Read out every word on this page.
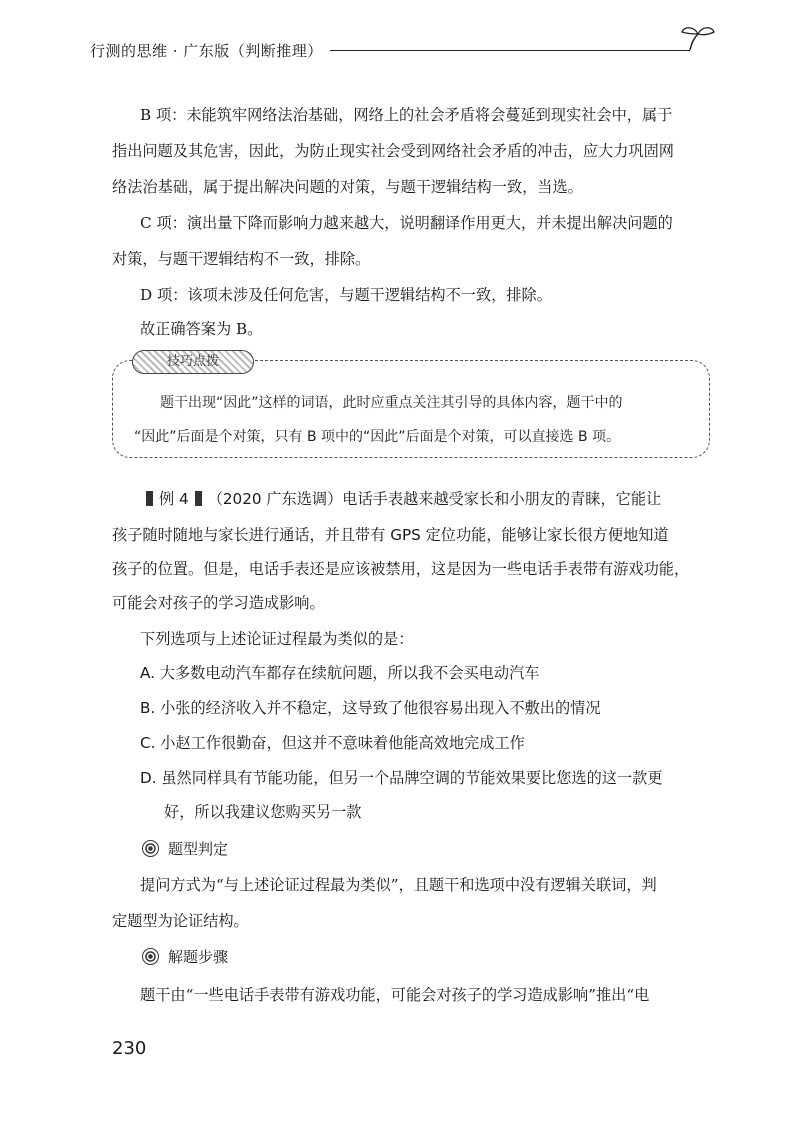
行测的思维 · 广东版（判断推理）
B 项：未能筑牢网络法治基础，网络上的社会矛盾将会蔓延到现实社会中，属于
指出问题及其危害，因此，为防止现实社会受到网络社会矛盾的冲击，应大力巩固网
络法治基础，属于提出解决问题的对策，与题干逻辑结构一致，当选。
C 项：演出量下降而影响力越来越大，说明翻译作用更大，并未提出解决问题的
对策，与题干逻辑结构不一致，排除。
D 项：该项未涉及任何危害，与题干逻辑结构不一致，排除。
故正确答案为 B。
技巧点拨
题干出现“因此”这样的词语，此时应重点关注其引导的具体内容，题干中的
“因此”后面是个对策，只有 B 项中的“因此”后面是个对策，可以直接选 B 项。
例 4 （2020 广东选调）电话手表越来越受家长和小朋友的青睐，它能让
孩子随时随地与家长进行通话，并且带有 GPS 定位功能，能够让家长很方便地知道
孩子的位置。但是，电话手表还是应该被禁用，这是因为一些电话手表带有游戏功能，
可能会对孩子的学习造成影响。
下列选项与上述论证过程最为类似的是：
A. 大多数电动汽车都存在续航问题，所以我不会买电动汽车
B. 小张的经济收入并不稳定，这导致了他很容易出现入不敷出的情况
C. 小赵工作很勤奋，但这并不意味着他能高效地完成工作
D. 虽然同样具有节能功能，但另一个品牌空调的节能效果要比您选的这一款更
好，所以我建议您购买另一款
题型判定
提问方式为“与上述论证过程最为类似”，且题干和选项中没有逻辑关联词，判
定题型为论证结构。
解题步骤
题干由“一些电话手表带有游戏功能，可能会对孩子的学习造成影响”推出“电
230
